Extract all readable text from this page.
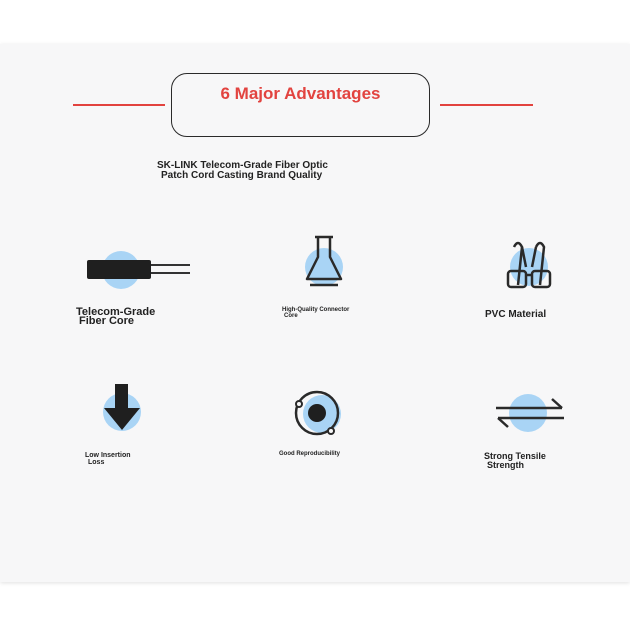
6 Major Advantages
SK-LINK Telecom-Grade Fiber Optic
Patch Cord Casting Brand Quality
Telecom-Grade
Fiber Core
High-Quality Connector
Core	PVC Material
Low Insertion
Loss
Good Reproducibility	Strong Tensile
Strength
